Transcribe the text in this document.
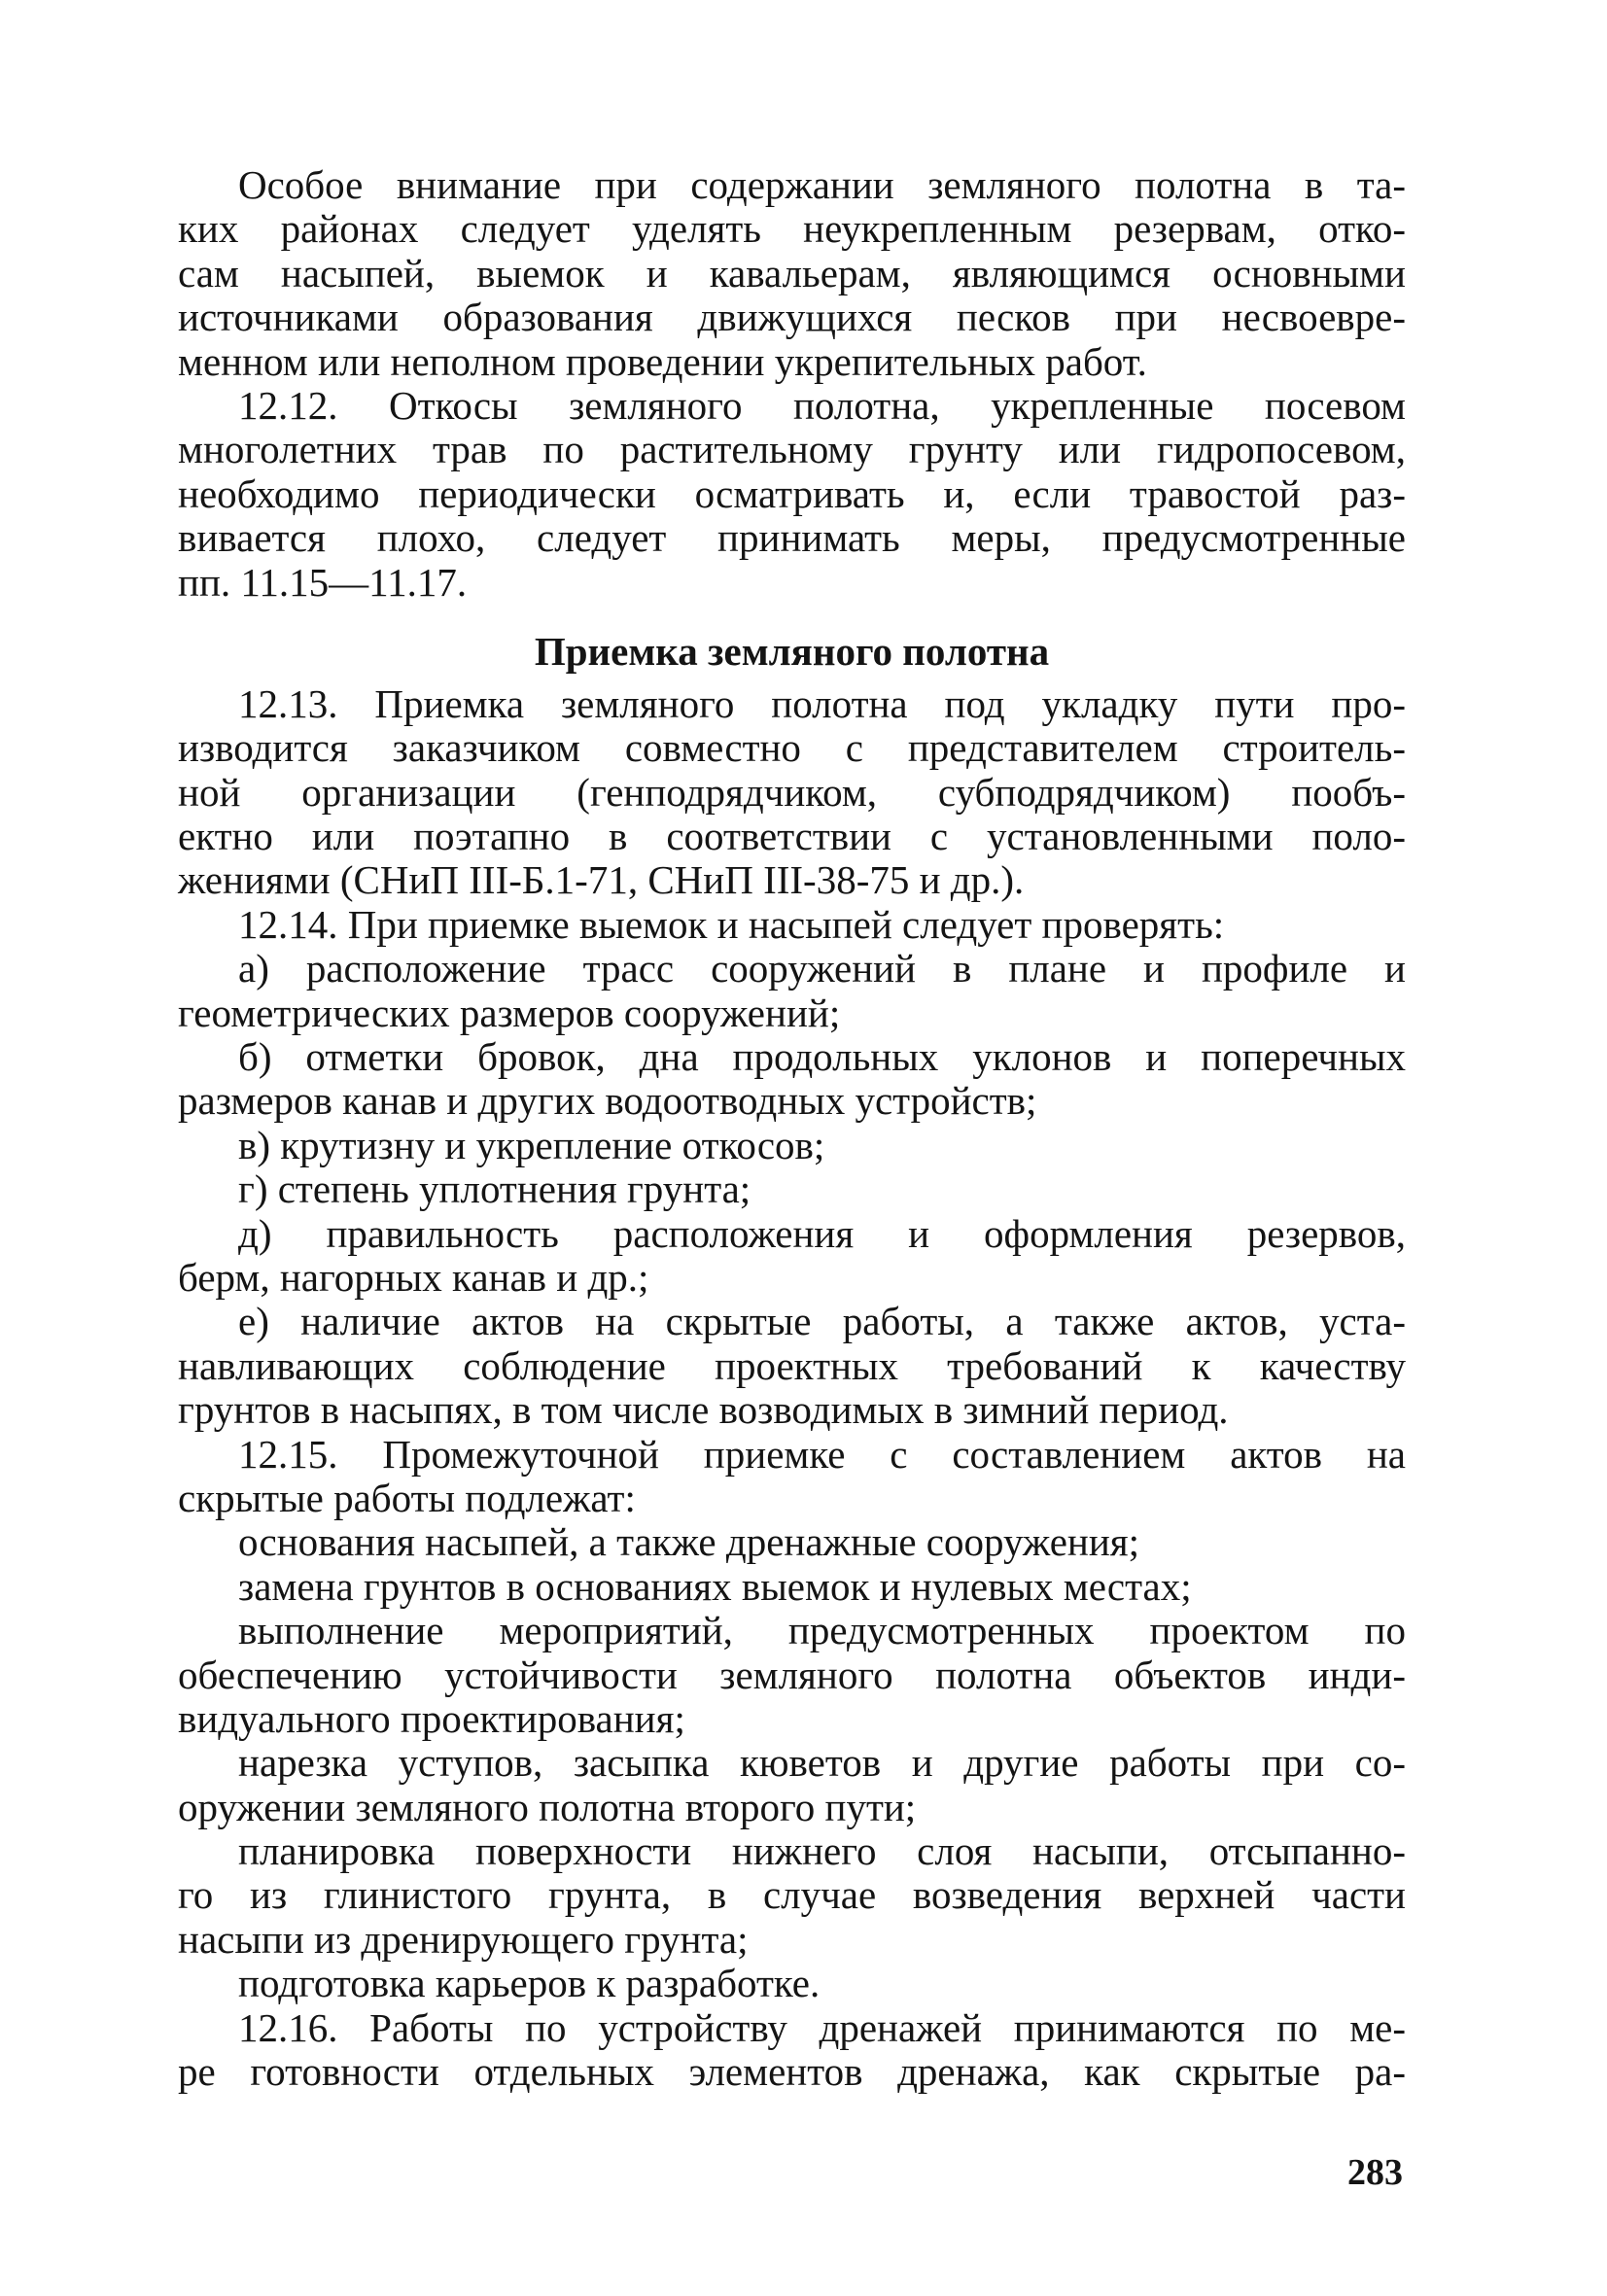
Особое внимание при содержании земляного полотна в та-
ких районах следует уделять неукрепленным резервам, отко-
сам насыпей, выемок и кавальерам, являющимся основными
источниками образования движущихся песков при несвоевре-
менном или неполном проведении укрепительных работ.
12.12. Откосы земляного полотна, укрепленные посевом
многолетних трав по растительному грунту или гидропосевом,
необходимо периодически осматривать и, если травостой раз-
вивается плохо, следует принимать меры, предусмотренные
пп. 11.15—11.17.
Приемка земляного полотна
12.13. Приемка земляного полотна под укладку пути про-
изводится заказчиком совместно с представителем строитель-
ной организации (генподрядчиком, субподрядчиком) пообъ-
ектно или поэтапно в соответствии с установленными поло-
жениями (СНиП III-Б.1-71, СНиП III-38-75 и др.).
12.14. При приемке выемок и насыпей следует проверять:
а) расположение трасс сооружений в плане и профиле и
геометрических размеров сооружений;
б) отметки бровок, дна продольных уклонов и поперечных
размеров канав и других водоотводных устройств;
в) крутизну и укрепление откосов;
г) степень уплотнения грунта;
д) правильность расположения и оформления резервов,
берм, нагорных канав и др.;
е) наличие актов на скрытые работы, а также актов, уста-
навливающих соблюдение проектных требований к качеству
грунтов в насыпях, в том числе возводимых в зимний период.
12.15. Промежуточной приемке с составлением актов на
скрытые работы подлежат:
основания насыпей, а также дренажные сооружения;
замена грунтов в основаниях выемок и нулевых местах;
выполнение мероприятий, предусмотренных проектом по
обеспечению устойчивости земляного полотна объектов инди-
видуального проектирования;
нарезка уступов, засыпка кюветов и другие работы при со-
оружении земляного полотна второго пути;
планировка поверхности нижнего слоя насыпи, отсыпанно-
го из глинистого грунта, в случае возведения верхней части
насыпи из дренирующего грунта;
подготовка карьеров к разработке.
12.16. Работы по устройству дренажей принимаются по ме-
ре готовности отдельных элементов дренажа, как скрытые ра-
283
